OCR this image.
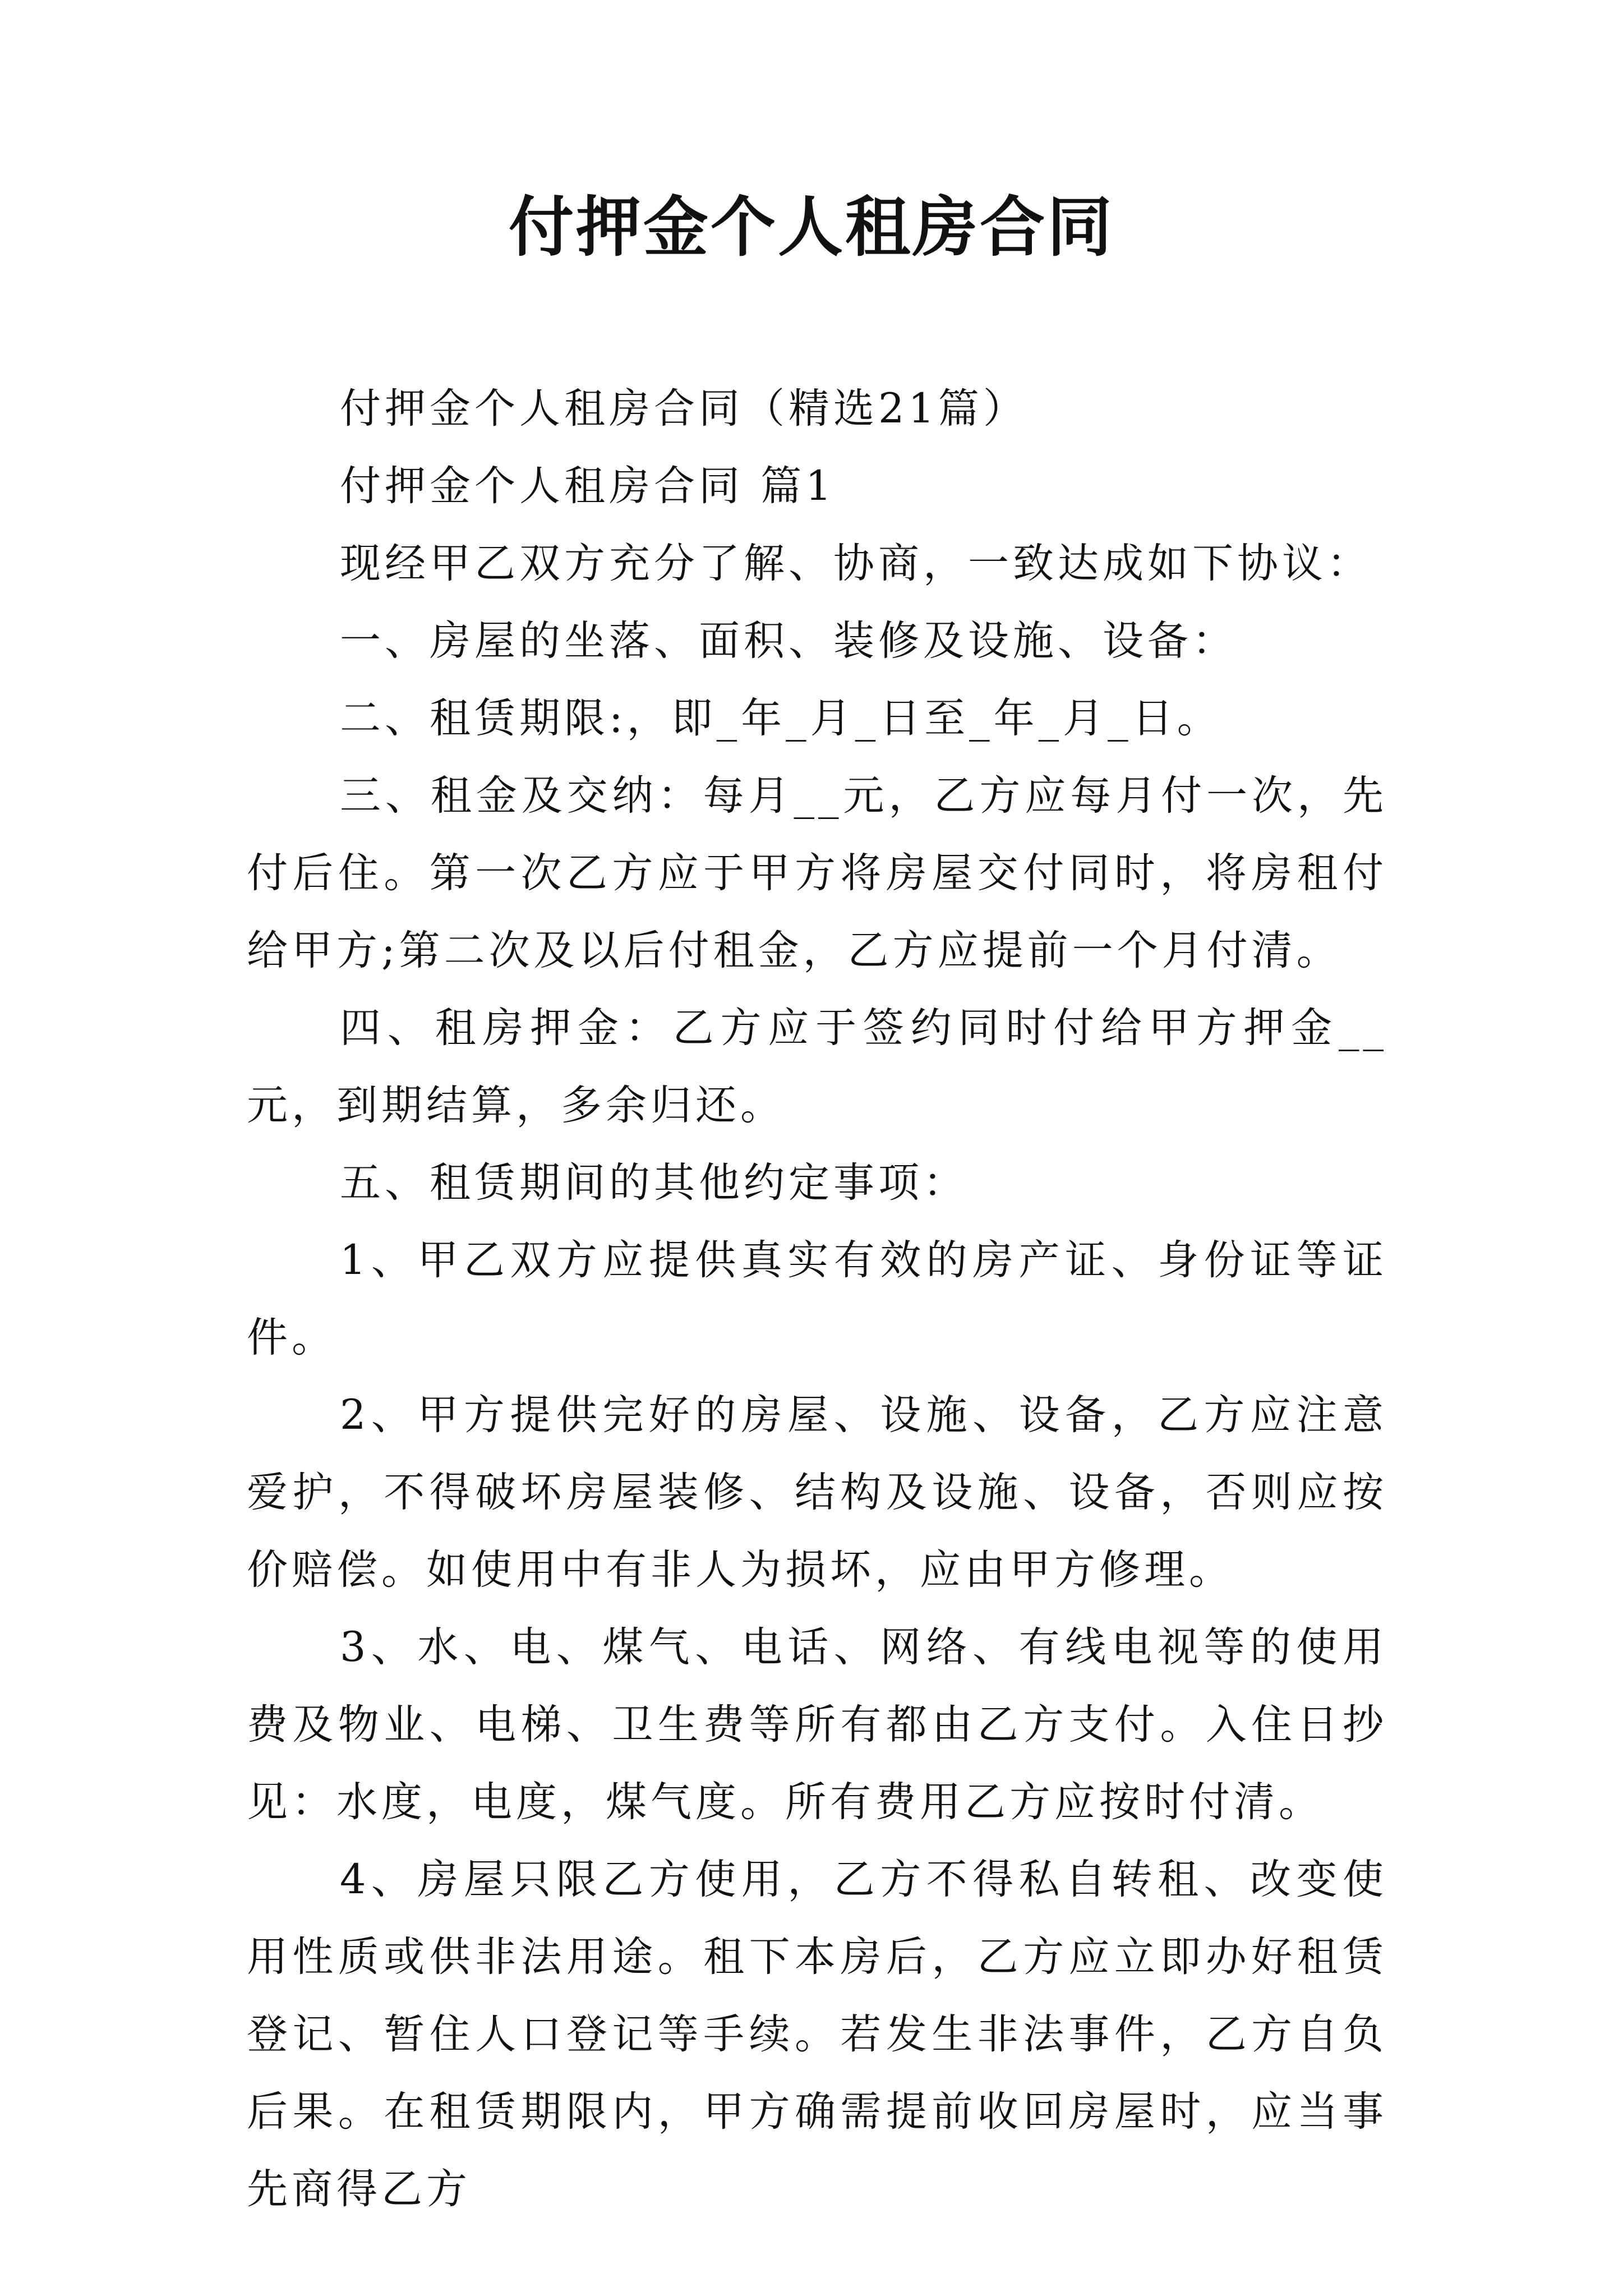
付押金个人租房合同

付押金个人租房合同（精选21篇）

付押金个人租房合同 篇1

现经甲乙双方充分了解、协商，一致达成如下协议：

一、房屋的坐落、面积、装修及设施、设备：

二、租赁期限:，即_年_月_日至_年_月_日。

三、租金及交纳：每月__元，乙方应每月付一次，先付后住。第一次乙方应于甲方将房屋交付同时，将房租付给甲方;第二次及以后付租金，乙方应提前一个月付清。

四、租房押金：乙方应于签约同时付给甲方押金__元，到期结算，多余归还。

五、租赁期间的其他约定事项：

1、甲乙双方应提供真实有效的房产证、身份证等证件。

2、甲方提供完好的房屋、设施、设备，乙方应注意爱护，不得破坏房屋装修、结构及设施、设备，否则应按价赔偿。如使用中有非人为损坏，应由甲方修理。

3、水、电、煤气、电话、网络、有线电视等的使用费及物业、电梯、卫生费等所有都由乙方支付。入住日抄见：水度，电度，煤气度。所有费用乙方应按时付清。

4、房屋只限乙方使用，乙方不得私自转租、改变使用性质或供非法用途。租下本房后，乙方应立即办好租赁登记、暂住人口登记等手续。若发生非法事件，乙方自负后果。在租赁期限内，甲方确需提前收回房屋时，应当事先商得乙方
